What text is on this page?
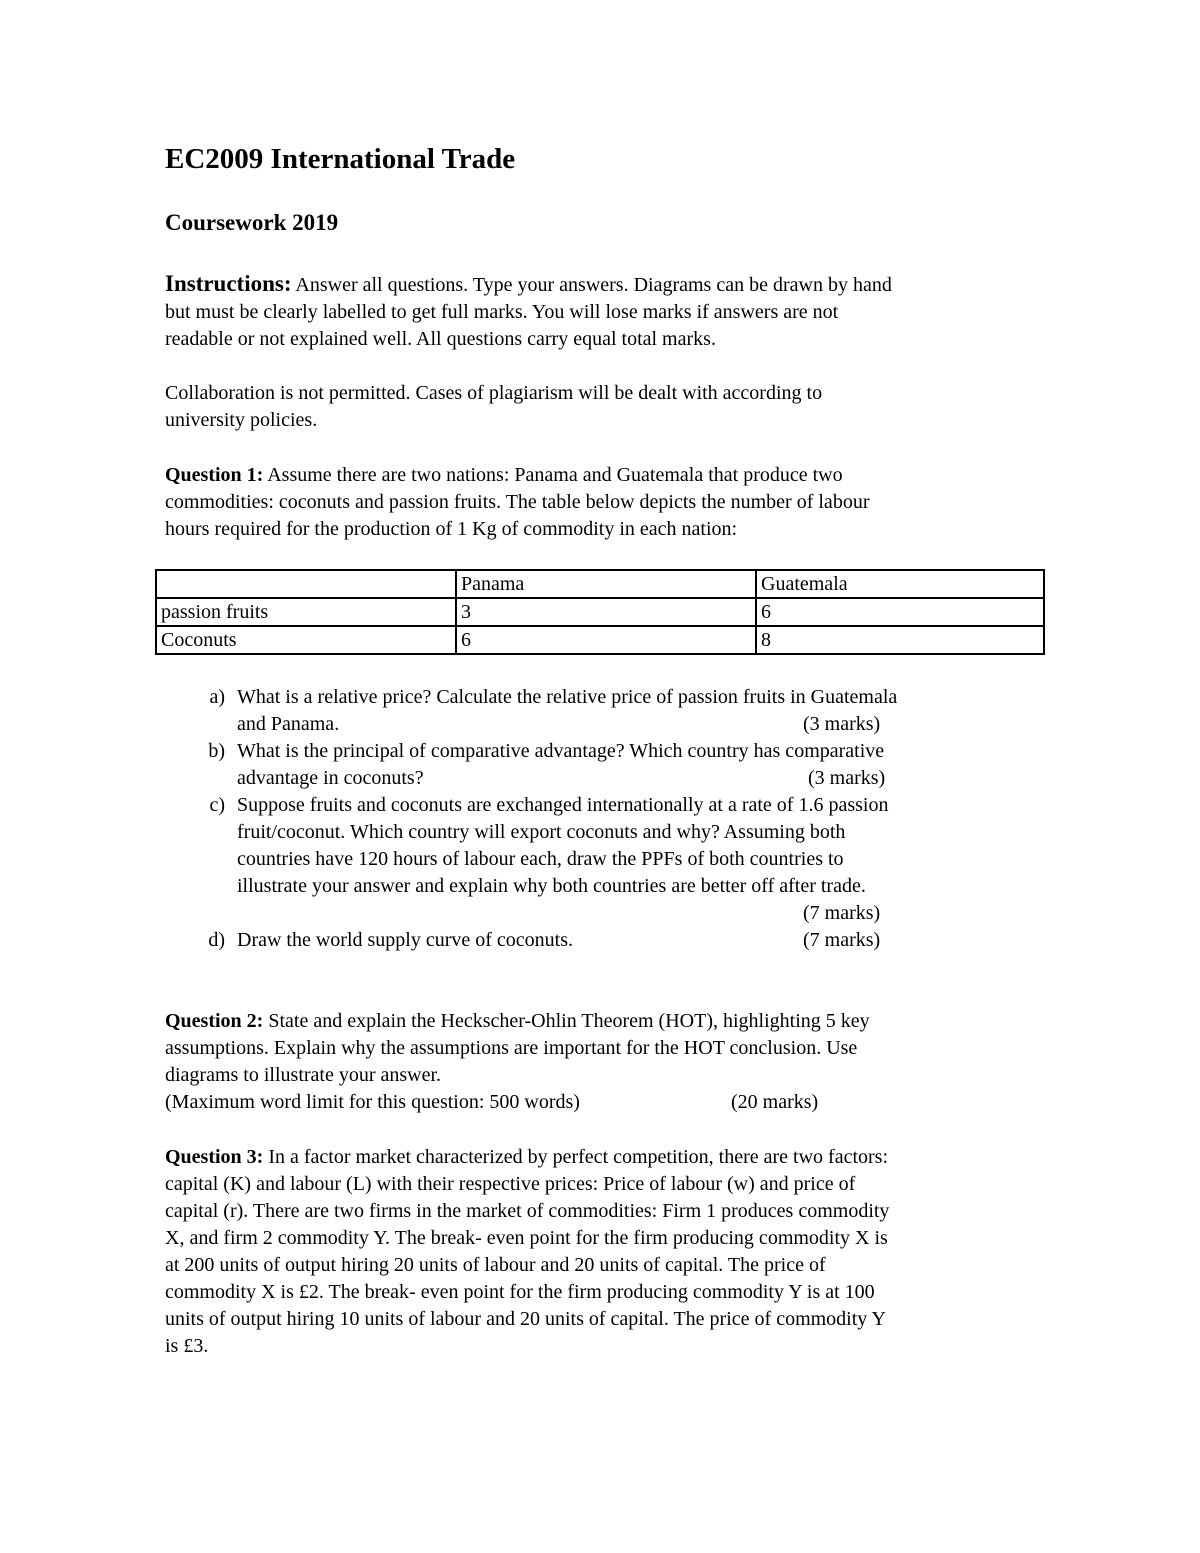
EC2009 International Trade
Coursework 2019
Instructions: Answer all questions. Type your answers. Diagrams can be drawn by hand
but must be clearly labelled to get full marks. You will lose marks if answers are not
readable or not explained well. All questions carry equal total marks.
Collaboration is not permitted. Cases of plagiarism will be dealt with according to
university policies.
Question 1: Assume there are two nations: Panama and Guatemala that produce two
commodities: coconuts and passion fruits. The table below depicts the number of labour
hours required for the production of 1 Kg of commodity in each nation:
	Panama	Guatemala
passion fruits	3	6
Coconuts	6	8
a) What is a relative price? Calculate the relative price of passion fruits in Guatemala
and Panama.	(3 marks)
b) What is the principal of comparative advantage? Which country has comparative
advantage in coconuts?	(3 marks)
c) Suppose fruits and coconuts are exchanged internationally at a rate of 1.6 passion
fruit/coconut. Which country will export coconuts and why? Assuming both
countries have 120 hours of labour each, draw the PPFs of both countries to
illustrate your answer and explain why both countries are better off after trade.
(7 marks)
d) Draw the world supply curve of coconuts.	(7 marks)
Question 2: State and explain the Heckscher-Ohlin Theorem (HOT), highlighting 5 key
assumptions. Explain why the assumptions are important for the HOT conclusion. Use
diagrams to illustrate your answer.
(Maximum word limit for this question: 500 words)	(20 marks)
Question 3: In a factor market characterized by perfect competition, there are two factors:
capital (K) and labour (L) with their respective prices: Price of labour (w) and price of
capital (r). There are two firms in the market of commodities: Firm 1 produces commodity
X, and firm 2 commodity Y. The break- even point for the firm producing commodity X is
at 200 units of output hiring 20 units of labour and 20 units of capital. The price of
commodity X is £2. The break- even point for the firm producing commodity Y is at 100
units of output hiring 10 units of labour and 20 units of capital. The price of commodity Y
is £3.
